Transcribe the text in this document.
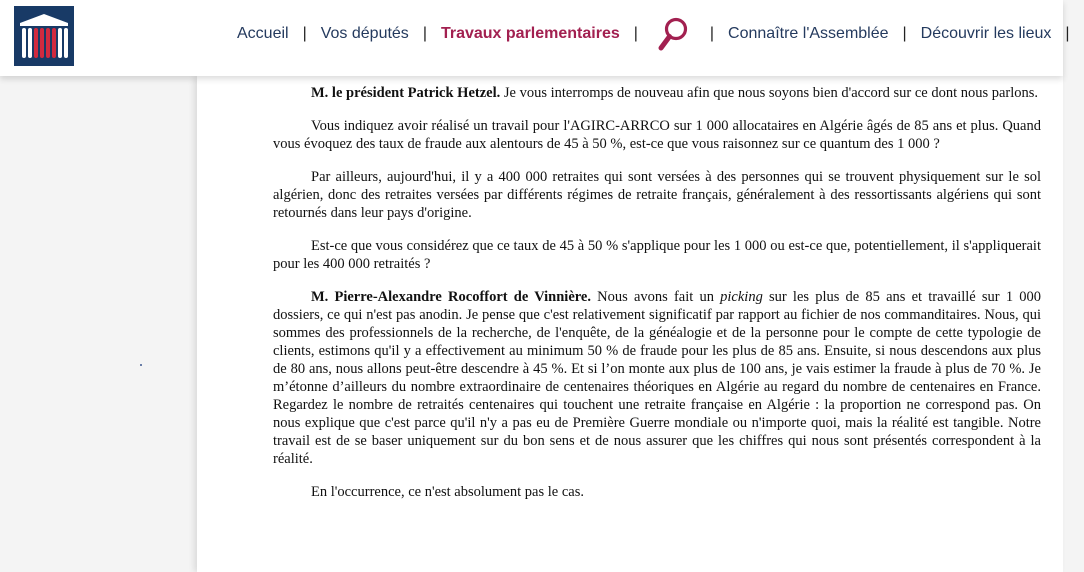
Accueil | Vos députés | Travaux parlementaires |	| Connaître l'Assemblée | Découvrir les lieux |

M. le président Patrick Hetzel. Je vous interromps de nouveau afin que nous soyons bien d'accord sur ce dont nous parlons.

Vous indiquez avoir réalisé un travail pour l'AGIRC-ARRCO sur 1 000 allocataires en Algérie âgés de 85 ans et plus. Quand vous évoquez des taux de fraude aux alentours de 45 à 50 %, est-ce que vous raisonnez sur ce quantum des 1 000 ?

Par ailleurs, aujourd'hui, il y a 400 000 retraites qui sont versées à des personnes qui se trouvent physiquement sur le sol algérien, donc des retraites versées par différents régimes de retraite français, généralement à des ressortissants algériens qui sont retournés dans leur pays d'origine.

Est-ce que vous considérez que ce taux de 45 à 50 % s'applique pour les 1 000 ou est-ce que, potentiellement, il s'appliquerait pour les 400 000 retraités ?

M. Pierre-Alexandre Rocoffort de Vinnière. Nous avons fait un picking sur les plus de 85 ans et travaillé sur 1 000 dossiers, ce qui n'est pas anodin. Je pense que c'est relativement significatif par rapport au fichier de nos commanditaires. Nous, qui sommes des professionnels de la recherche, de l'enquête, de la généalogie et de la personne pour le compte de cette typologie de clients, estimons qu'il y a effectivement au minimum 50 % de fraude pour les plus de 85 ans. Ensuite, si nous descendons aux plus de 80 ans, nous allons peut-être descendre à 45 %. Et si l’on monte aux plus de 100 ans, je vais estimer la fraude à plus de 70 %. Je m’étonne d’ailleurs du nombre extraordinaire de centenaires théoriques en Algérie au regard du nombre de centenaires en France. Regardez le nombre de retraités centenaires qui touchent une retraite française en Algérie : la proportion ne correspond pas. On nous explique que c'est parce qu'il n'y a pas eu de Première Guerre mondiale ou n'importe quoi, mais la réalité est tangible. Notre travail est de se baser uniquement sur du bon sens et de nous assurer que les chiffres qui nous sont présentés correspondent à la réalité.

En l'occurrence, ce n'est absolument pas le cas.
